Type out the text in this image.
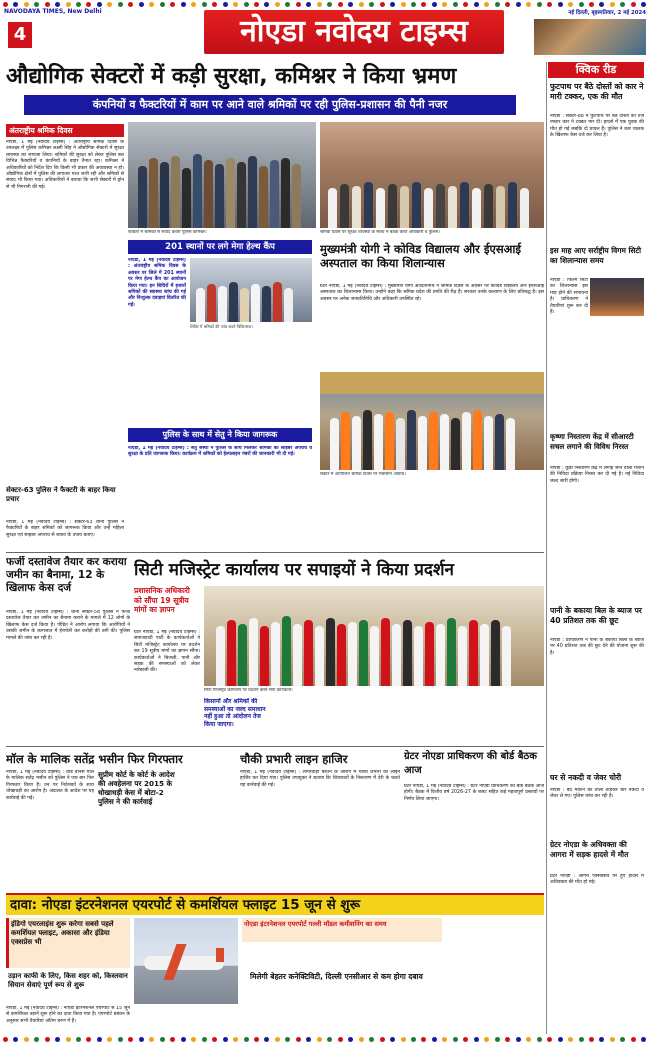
NAVODAYA TIMES, New Delhi
4	नोएडा नवोदय टाइम्स
नई दिल्ली, बृहस्पतिवार, 2 मई 2024
औद्योगिक सेक्टरों में कड़ी सुरक्षा, कमिश्नर ने किया भ्रमण
कंपनियों व फैक्टरियों में काम पर आने वाले श्रमिकों पर रही पुलिस-प्रशासन की पैनी नजर
क्विक रीड
अंतराष्ट्रीय श्रमिक दिवस
नोएडा, 1 मई (नवोदय टाइम्स) : अंतराष्ट्रीय श्रमिक दिवस के उपलक्ष्य में पुलिस कमिश्नर लक्ष्मी सिंह ने औद्योगिक सेक्टरों में सुरक्षा व्यवस्था का जायजा लिया। श्रमिकों की सुरक्षा को लेकर पुलिस बल विभिन्न फैक्टरियों व कंपनियों के बाहर तैनात रहा। कमिश्नर ने अधिकारियों को निर्देश दिए कि किसी भी प्रकार की अव्यवस्था न हो। औद्योगिक क्षेत्रों में पुलिस की लगातार गश्त जारी रही और श्रमिकों से संवाद भी किया गया। अधिकारियों ने बताया कि सभी सेक्टरों में ड्रोन से भी निगरानी की गई।
सेक्टर-63 पुलिस ने फैक्टरी के बाहर किया प्रचार
नोएडा, 1 मई (नवोदय टाइम्स) : सेक्टर-63 थाना पुलिस ने फैक्टरियों के बाहर श्रमिकों को जागरूक किया और उन्हें महिला सुरक्षा एवं साइबर अपराध से बचाव के उपाय बताए।
फैक्टरी में श्रमिकों से संवाद करतीं पुलिस कमिश्नर।	श्रमिक दिवस पर सुरक्षा व्यवस्था के संबंध में बैठक करते अधिकारी व पुलिस।
201 स्थानों पर लगे मेगा हेल्थ कैंप
नोएडा, 1 मई (नवोदय टाइम्स) : अंतराष्ट्रीय श्रमिक दिवस के अवसर पर जिले में 201 स्थानों पर मेगा हेल्थ कैंप का आयोजन किया गया। इन शिविरों में हजारों श्रमिकों की स्वास्थ्य जांच की गई और निःशुल्क दवाइयां वितरित की गईं।
शिविर में श्रमिकों की जांच करते चिकित्सक।
पुलिस के साथ में सेतु ने किया जागरूक
नोएडा, 1 मई (नवोदय टाइम्स) : सेतु संस्था ने पुलिस के साथ मिलकर श्रमिकों को साइबर अपराध व सुरक्षा के प्रति जागरूक किया। कार्यक्रम में श्रमिकों को हेल्पलाइन नंबरों की जानकारी भी दी गई।
मुख्यमंत्री योगी ने कोविड विद्यालय और ईएसआई अस्पताल का किया शिलान्यास
ग्रेटर नोएडा, 1 मई (नवोदय टाइम्स) : मुख्यमंत्री योगी आदित्यनाथ ने श्रमिक दिवस के अवसर पर कोविड विद्यालय और ईएसआई अस्पताल का शिलान्यास किया। उन्होंने कहा कि श्रमिक प्रदेश की प्रगति की रीढ़ हैं। सरकार उनके कल्याण के लिए प्रतिबद्ध है। इस अवसर पर अनेक जनप्रतिनिधि और अधिकारी उपस्थित रहे।
सेक्टर में आयोजित श्रमिक दिवस पर मंचासीन अतिथि।
फर्जी दस्तावेज तैयार कर कराया जमीन का बैनामा, 12 के खिलाफ केस दर्ज
नोएडा, 1 मई (नवोदय टाइम्स) : थाना सेक्टर-58 पुलिस ने फर्जी दस्तावेज तैयार कर जमीन का बैनामा कराने के मामले में 12 लोगों के खिलाफ केस दर्ज किया है। पीड़ित ने आरोप लगाया कि आरोपियों ने उसकी जमीन के कागजात में हेराफेरी कर करोड़ों की ठगी की। पुलिस मामले की जांच कर रही है।
सिटी मजिस्ट्रेट कार्यालय पर सपाइयों ने किया प्रदर्शन
प्रशासनिक अधिकारी को सौंपा 19 सूत्रीय मांगों का ज्ञापन
ग्रेटर नोएडा, 1 मई (नवोदय टाइम्स) : समाजवादी पार्टी के कार्यकर्ताओं ने सिटी मजिस्ट्रेट कार्यालय पर प्रदर्शन कर 19 सूत्रीय मांगों का ज्ञापन सौंपा। कार्यकर्ताओं ने बिजली, पानी और सड़क की समस्याओं को लेकर नारेबाजी की।
सिटी मजिस्ट्रेट कार्यालय पर प्रदर्शन करते सपा कार्यकर्ता।
किसानों और श्रमिकों की समस्याओं का जल्द समाधान नहीं हुआ तो आंदोलन तेज किया जाएगा।
मॉल के मालिक सतेंद्र भसीन फिर गिरफ्तार
नोएडा, 1 मई (नवोदय टाइम्स) : ग्रांड वेनिस मॉल के मालिक सतेंद्र भसीन को पुलिस ने एक बार फिर गिरफ्तार किया है। उन पर निवेशकों के साथ धोखाधड़ी का आरोप है। अदालत के आदेश पर यह कार्रवाई की गई।
सुप्रीम कोर्ट के कोर्ट के आदेश की अवहेलना पर 2015 के धोखाधड़ी केस में बोटा-2 पुलिस ने की कार्रवाई
चौकी प्रभारी लाइन हाजिर
नोएडा, 1 मई (नवोदय टाइम्स) : लापरवाही बरतने के आरोप में चौकी प्रभारी को लाइन हाजिर कर दिया गया। पुलिस उपायुक्त ने बताया कि शिकायतों के निस्तारण में देरी के चलते यह कार्रवाई की गई।
ग्रेटर नोएडा प्राधिकरण की बोर्ड बैठक आज
ग्रेटर नोएडा, 1 मई (नवोदय टाइम्स) : ग्रेटर नोएडा प्राधिकरण की बोर्ड बैठक आज होगी। बैठक में वित्तीय वर्ष 2026-27 के बजट सहित कई महत्वपूर्ण प्रस्तावों पर निर्णय लिया जाएगा।
दावा: नोएडा इंटरनेशनल एयरपोर्ट से कमर्शियल फ्लाइट 15 जून से शुरू
इंडिगो एयरलाइंस शुरू करेगा सबसे पहले कमर्शियल फ्लाइट, अकासा और इंडिया एक्सप्रेस भी
उड़ान काफी के लिए, किस शहर को, किस्तवान सियान सेवाएं पूर्ण रूप से शुरू
नोएडा, 1 मई (नवोदय टाइम्स) : नोएडा इंटरनेशनल एयरपोर्ट से 15 जून से कमर्शियल उड़ानें शुरू होने का दावा किया गया है। एयरपोर्ट प्रबंधन के अनुसार सभी तैयारियां अंतिम चरण में हैं।
नोएडा इंटरनेशनल एयरपोर्ट गल्ली मॉडल कमीशनिंग का समय
मिलेगी बेहतर कनेक्टिविटी, दिल्ली एनसीआर से कम होगा दबाव
फुटपाथ पर बैठे दोस्तों को कार ने मारी टक्कर, एक की मौत
नोएडा : सेक्टर-88 में फुटपाथ पर बैठे दोस्तों को तेज रफ्तार कार ने टक्कर मार दी। हादसे में एक युवक की मौत हो गई जबकि दो घायल हैं। पुलिस ने कार चालक के खिलाफ केस दर्ज कर लिया है।
इस माह आए सर्राष्ट्रीय विगम सिटी का शिलान्यास समय
नोएडा : फिल्म सिटी का शिलान्यास इस माह होने की संभावना है। प्राधिकरण ने तैयारियां शुरू कर दी हैं।
कृष्णा निस्तारण केंद्र में सीआरटी सचल लगाने की विविध निरस्त
नोएडा : कूड़ा निस्तारण केंद्र में लगाई जाने वाली मशीन की निविदा प्रक्रिया निरस्त कर दी गई है। नई निविदा जल्द जारी होगी।
पानी के बकाया बिल के ब्याज पर 40 प्रतिशत तक की छूट
नोएडा : प्राधिकरण ने पानी के बकाया बिलों के ब्याज पर 40 प्रतिशत तक की छूट देने की योजना शुरू की है।
घर से नकदी व जेवर चोरी
नोएडा : बंद मकान का ताला तोड़कर चोर नकदी व जेवर ले गए। पुलिस जांच कर रही है।
ग्रेटर नोएडा के अधिवक्ता की आगरा में सड़क हादसे में मौत
ग्रेटर नोएडा : आगरा एक्सप्रेसवे पर हुए हादसे में अधिवक्ता की मौत हो गई।
